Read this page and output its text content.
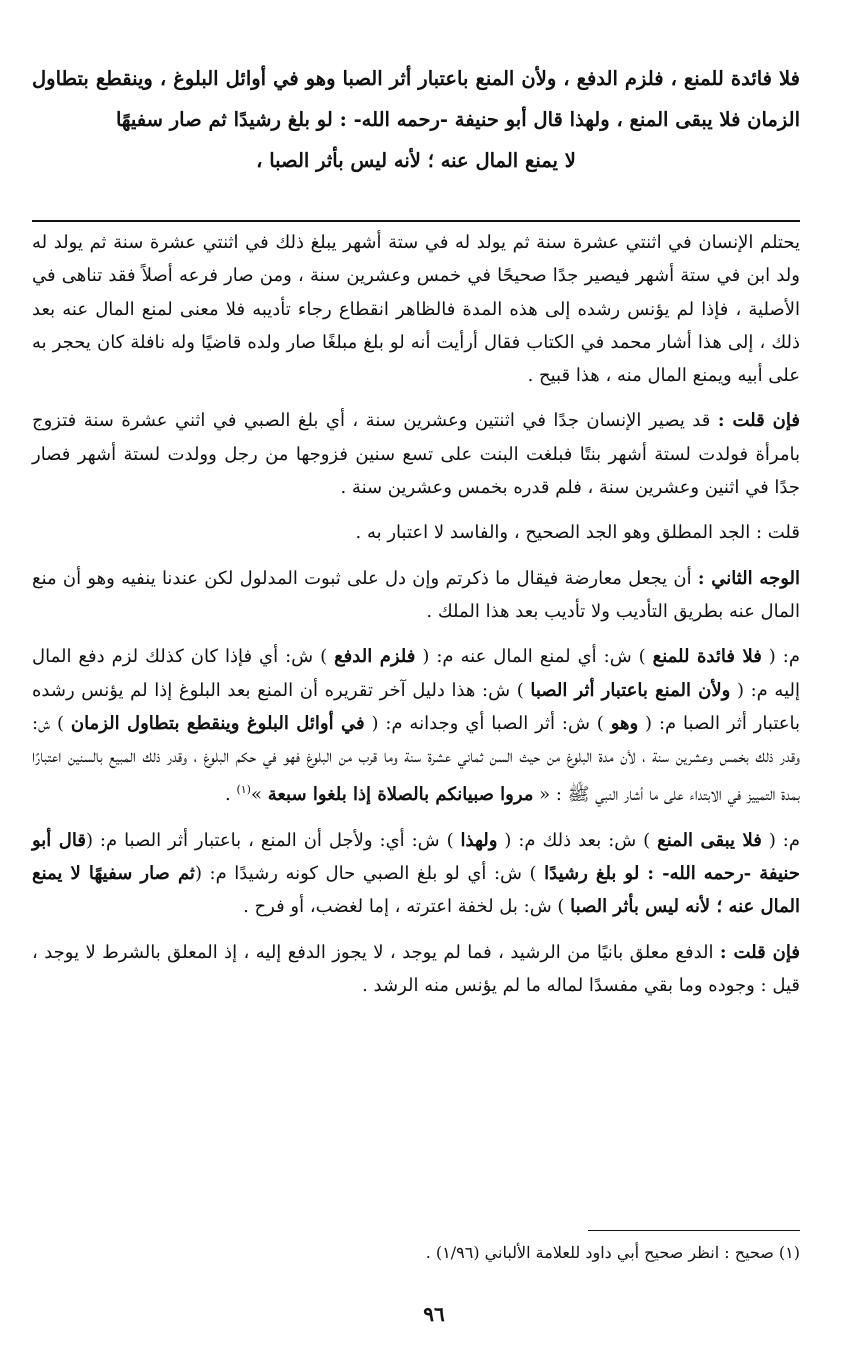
فلا فائدة للمنع ، فلزم الدفع ، ولأن المنع باعتبار أثر الصبا وهو في أوائل البلوغ ، وينقطع بتطاول الزمان فلا يبقى المنع ، ولهذا قال أبو حنيفة -رحمه الله- : لو بلغ رشيدًا ثم صار سفيهًا

لا يمنع المال عنه ؛ لأنه ليس بأثر الصبا ،

يحتلم الإنسان في اثنتي عشرة سنة ثم يولد له في ستة أشهر يبلغ ذلك في اثنتي عشرة سنة ثم يولد له ولد ابن في ستة أشهر فيصير جدًا صحيحًا في خمس وعشرين سنة ، ومن صار فرعه أصلاً فقد تناهى في الأصلية ، فإذا لم يؤنس رشده إلى هذه المدة فالظاهر انقطاع رجاء تأديبه فلا معنى لمنع المال عنه بعد ذلك ، إلى هذا أشار محمد في الكتاب فقال أرأيت أنه لو بلغ مبلغًا صار ولده قاضيًا وله نافلة كان يحجر به على أبيه ويمنع المال منه ، هذا قبيح .

فإن قلت : قد يصير الإنسان جدًا في اثنتين وعشرين سنة ، أي بلغ الصبي في اثني عشرة سنة فتزوج بامرأة فولدت لستة أشهر بنتًا فبلغت البنت على تسع سنين فزوجها من رجل وولدت لستة أشهر فصار جدًا في اثنين وعشرين سنة ، فلم قدره بخمس وعشرين سنة .

قلت : الجد المطلق وهو الجد الصحيح ، والفاسد لا اعتبار به .

الوجه الثاني : أن يجعل معارضة فيقال ما ذكرتم وإن دل على ثبوت المدلول لكن عندنا ينفيه وهو أن منع المال عنه بطريق التأديب ولا تأديب بعد هذا الملك .

م: ( فلا فائدة للمنع ) ش: أي لمنع المال عنه م: ( فلزم الدفع ) ش: أي فإذا كان كذلك لزم دفع المال إليه م: ( ولأن المنع باعتبار أثر الصبا ) ش: هذا دليل آخر تقريره أن المنع بعد البلوغ إذا لم يؤنس رشده باعتبار أثر الصبا م: ( وهو ) ش: أثر الصبا أي وجدانه م: ( في أوائل البلوغ وينقطع بتطاول الزمان ) ش: وقدر ذلك بخمس وعشرين سنة ، لأن مدة البلوغ من حيث السن ثماني عشرة سنة وما قرب من البلوغ فهو في حكم البلوغ ، وقدر ذلك المبيع بالسنين اعتبارًا بمدة التمييز في الابتداء على ما أشار النبي ﷺ : « مروا صبيانكم بالصلاة إذا بلغوا سبعة »$^{(١)}$ .

م: ( فلا يبقى المنع ) ش: بعد ذلك م: ( ولهذا ) ش: أي: ولأجل أن المنع ، باعتبار أثر الصبا م: (قال أبو حنيفة -رحمه الله- : لو بلغ رشيدًا ) ش: أي لو بلغ الصبي حال كونه رشيدًا م: (ثم صار سفيهًا لا يمنع المال عنه ؛ لأنه ليس بأثر الصبا ) ش: بل لخفة اعترته ، إما لغضب، أو فرح .

فإن قلت : الدفع معلق بانيًا من الرشيد ، فما لم يوجد ، لا يجوز الدفع إليه ، إذ المعلق بالشرط لا يوجد ، قيل : وجوده وما بقي مفسدًا لماله ما لم يؤنس منه الرشد .

(١) صحيح : انظر صحيح أبي داود للعلامة الألباني (١/٩٦) .
٩٦
